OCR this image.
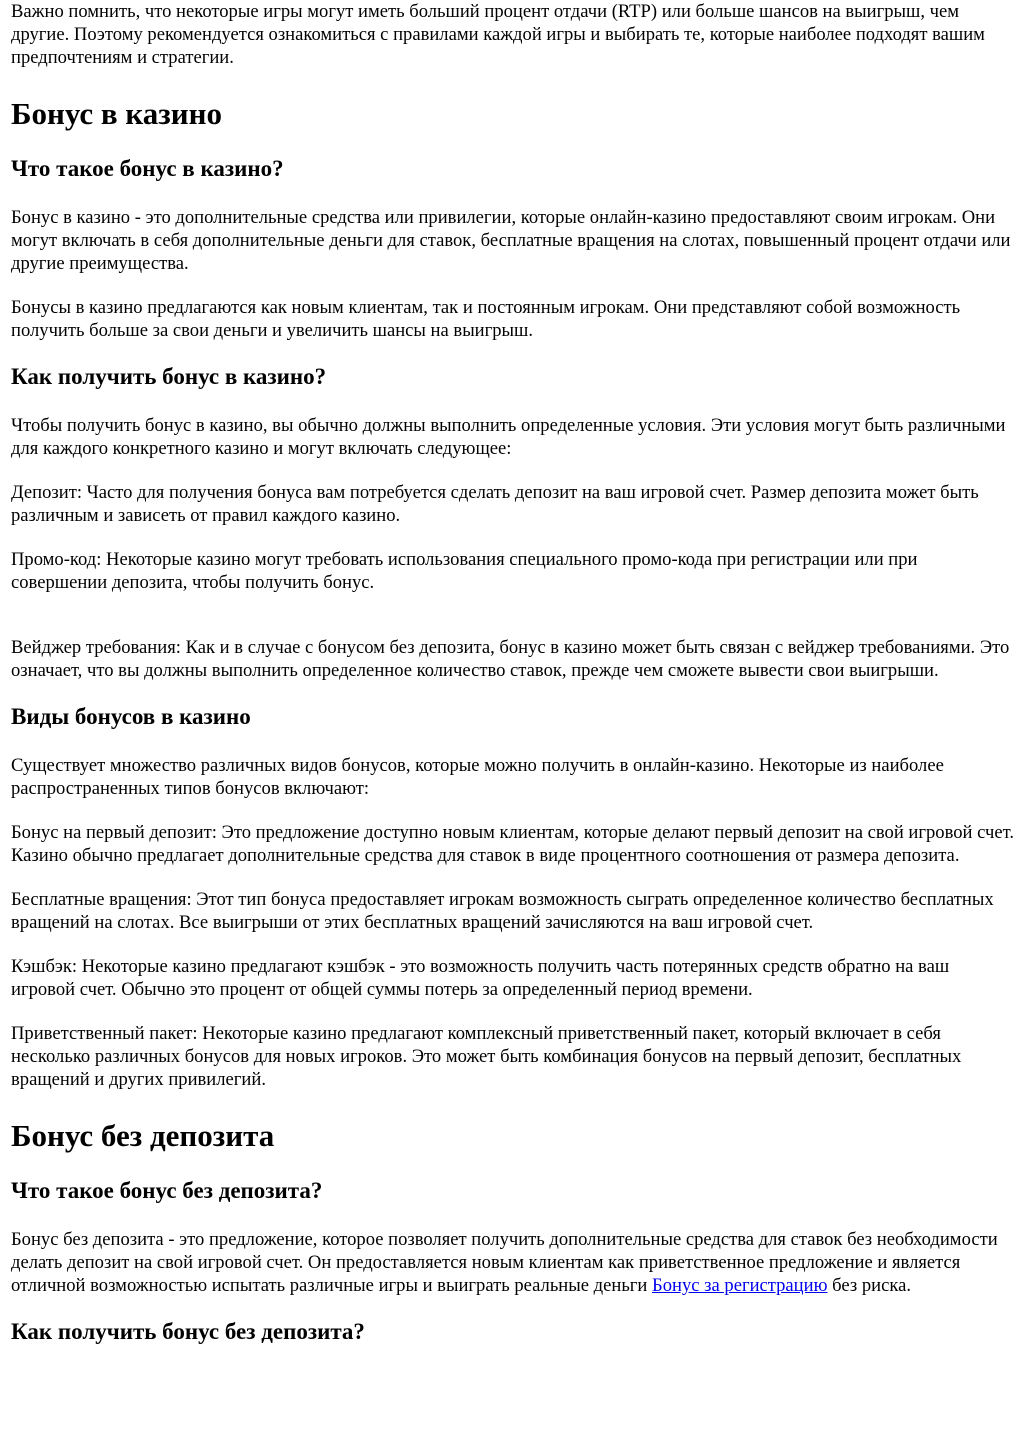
Важно помнить, что некоторые игры могут иметь больший процент отдачи (RTP) или больше шансов на выигрыш, чем другие. Поэтому рекомендуется ознакомиться с правилами каждой игры и выбирать те, которые наиболее подходят вашим предпочтениям и стратегии.

Бонус в казино
Что такое бонус в казино?

Бонус в казино - это дополнительные средства или привилегии, которые онлайн-казино предоставляют своим игрокам. Они могут включать в себя дополнительные деньги для ставок, бесплатные вращения на слотах, повышенный процент отдачи или другие преимущества.

Бонусы в казино предлагаются как новым клиентам, так и постоянным игрокам. Они представляют собой возможность получить больше за свои деньги и увеличить шансы на выигрыш.

Как получить бонус в казино?

Чтобы получить бонус в казино, вы обычно должны выполнить определенные условия. Эти условия могут быть различными для каждого конкретного казино и могут включать следующее:

Депозит: Часто для получения бонуса вам потребуется сделать депозит на ваш игровой счет. Размер депозита может быть различным и зависеть от правил каждого казино.

Промо-код: Некоторые казино могут требовать использования специального промо-кода при регистрации или при совершении депозита, чтобы получить бонус.

Вейджер требования: Как и в случае с бонусом без депозита, бонус в казино может быть связан с вейджер требованиями. Это означает, что вы должны выполнить определенное количество ставок, прежде чем сможете вывести свои выигрыши.

Виды бонусов в казино

Существует множество различных видов бонусов, которые можно получить в онлайн-казино. Некоторые из наиболее распространенных типов бонусов включают:

Бонус на первый депозит: Это предложение доступно новым клиентам, которые делают первый депозит на свой игровой счет. Казино обычно предлагает дополнительные средства для ставок в виде процентного соотношения от размера депозита.

Бесплатные вращения: Этот тип бонуса предоставляет игрокам возможность сыграть определенное количество бесплатных вращений на слотах. Все выигрыши от этих бесплатных вращений зачисляются на ваш игровой счет.

Кэшбэк: Некоторые казино предлагают кэшбэк - это возможность получить часть потерянных средств обратно на ваш игровой счет. Обычно это процент от общей суммы потерь за определенный период времени.

Приветственный пакет: Некоторые казино предлагают комплексный приветственный пакет, который включает в себя несколько различных бонусов для новых игроков. Это может быть комбинация бонусов на первый депозит, бесплатных вращений и других привилегий.

Бонус без депозита
Что такое бонус без депозита?

Бонус без депозита - это предложение, которое позволяет получить дополнительные средства для ставок без необходимости делать депозит на свой игровой счет. Он предоставляется новым клиентам как приветственное предложение и является отличной возможностью испытать различные игры и выиграть реальные деньги Бонус за регистрацию без риска.

Как получить бонус без депозита?
